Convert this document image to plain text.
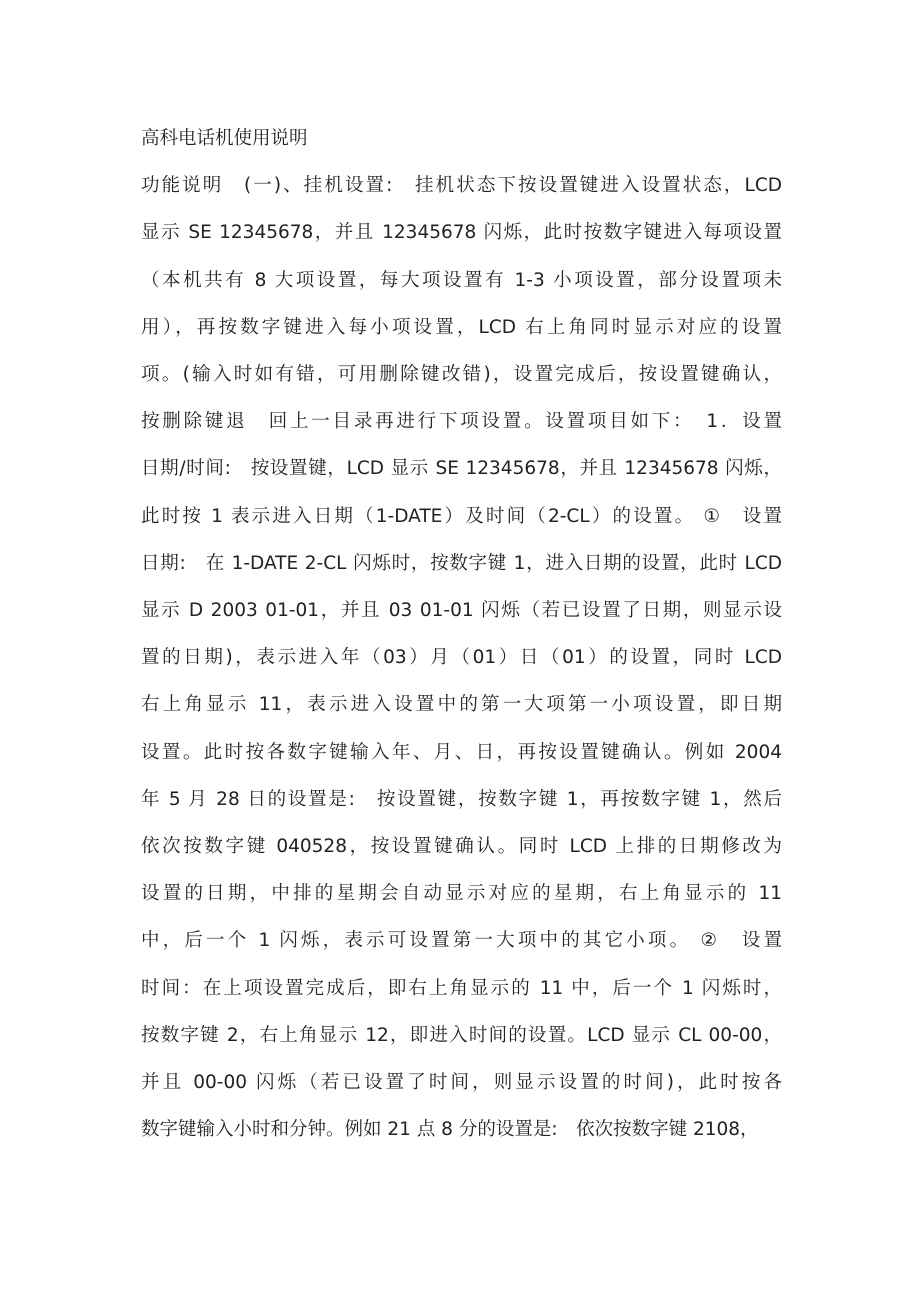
高科电话机使用说明

功能说明　(一)、挂机设置:　挂机状态下按设置键进入设置状态，LCD
显示 SE 12345678，并且 12345678 闪烁，此时按数字键进入每项设置
（本机共有 8 大项设置，每大项设置有 1-3 小项设置，部分设置项未
用），再按数字键进入每小项设置，LCD 右上角同时显示对应的设置
项。(输入时如有错，可用删除键改错)，设置完成后，按设置键确认，
按删除键退　回上一目录再进行下项设置。设置项目如下：　1．设置
日期/时间:　按设置键，LCD 显示 SE 12345678，并且 12345678 闪烁，
此时按 1 表示进入日期（1-DATE）及时间（2-CL）的设置。 ①　设置
日期:　在 1-DATE 2-CL 闪烁时，按数字键 1，进入日期的设置，此时 LCD
显示 D 2003 01-01，并且 03 01-01 闪烁（若已设置了日期，则显示设
置的日期)，表示进入年（03）月（01）日（01）的设置，同时 LCD
右上角显示 11，表示进入设置中的第一大项第一小项设置，即日期
设置。此时按各数字键输入年、月、日，再按设置键确认。例如 2004
年 5 月 28 日的设置是:　按设置键，按数字键 1，再按数字键 1，然后
依次按数字键 040528，按设置键确认。同时 LCD 上排的日期修改为
设置的日期，中排的星期会自动显示对应的星期，右上角显示的 11
中，后一个 1 闪烁，表示可设置第一大项中的其它小项。 ②　设置
时间：在上项设置完成后，即右上角显示的 11 中，后一个 1 闪烁时，
按数字键 2，右上角显示 12，即进入时间的设置。LCD 显示 CL 00-00，
并且 00-00 闪烁（若已设置了时间，则显示设置的时间)，此时按各
数字键输入小时和分钟。例如 21 点 8 分的设置是:　依次按数字键 2108，
